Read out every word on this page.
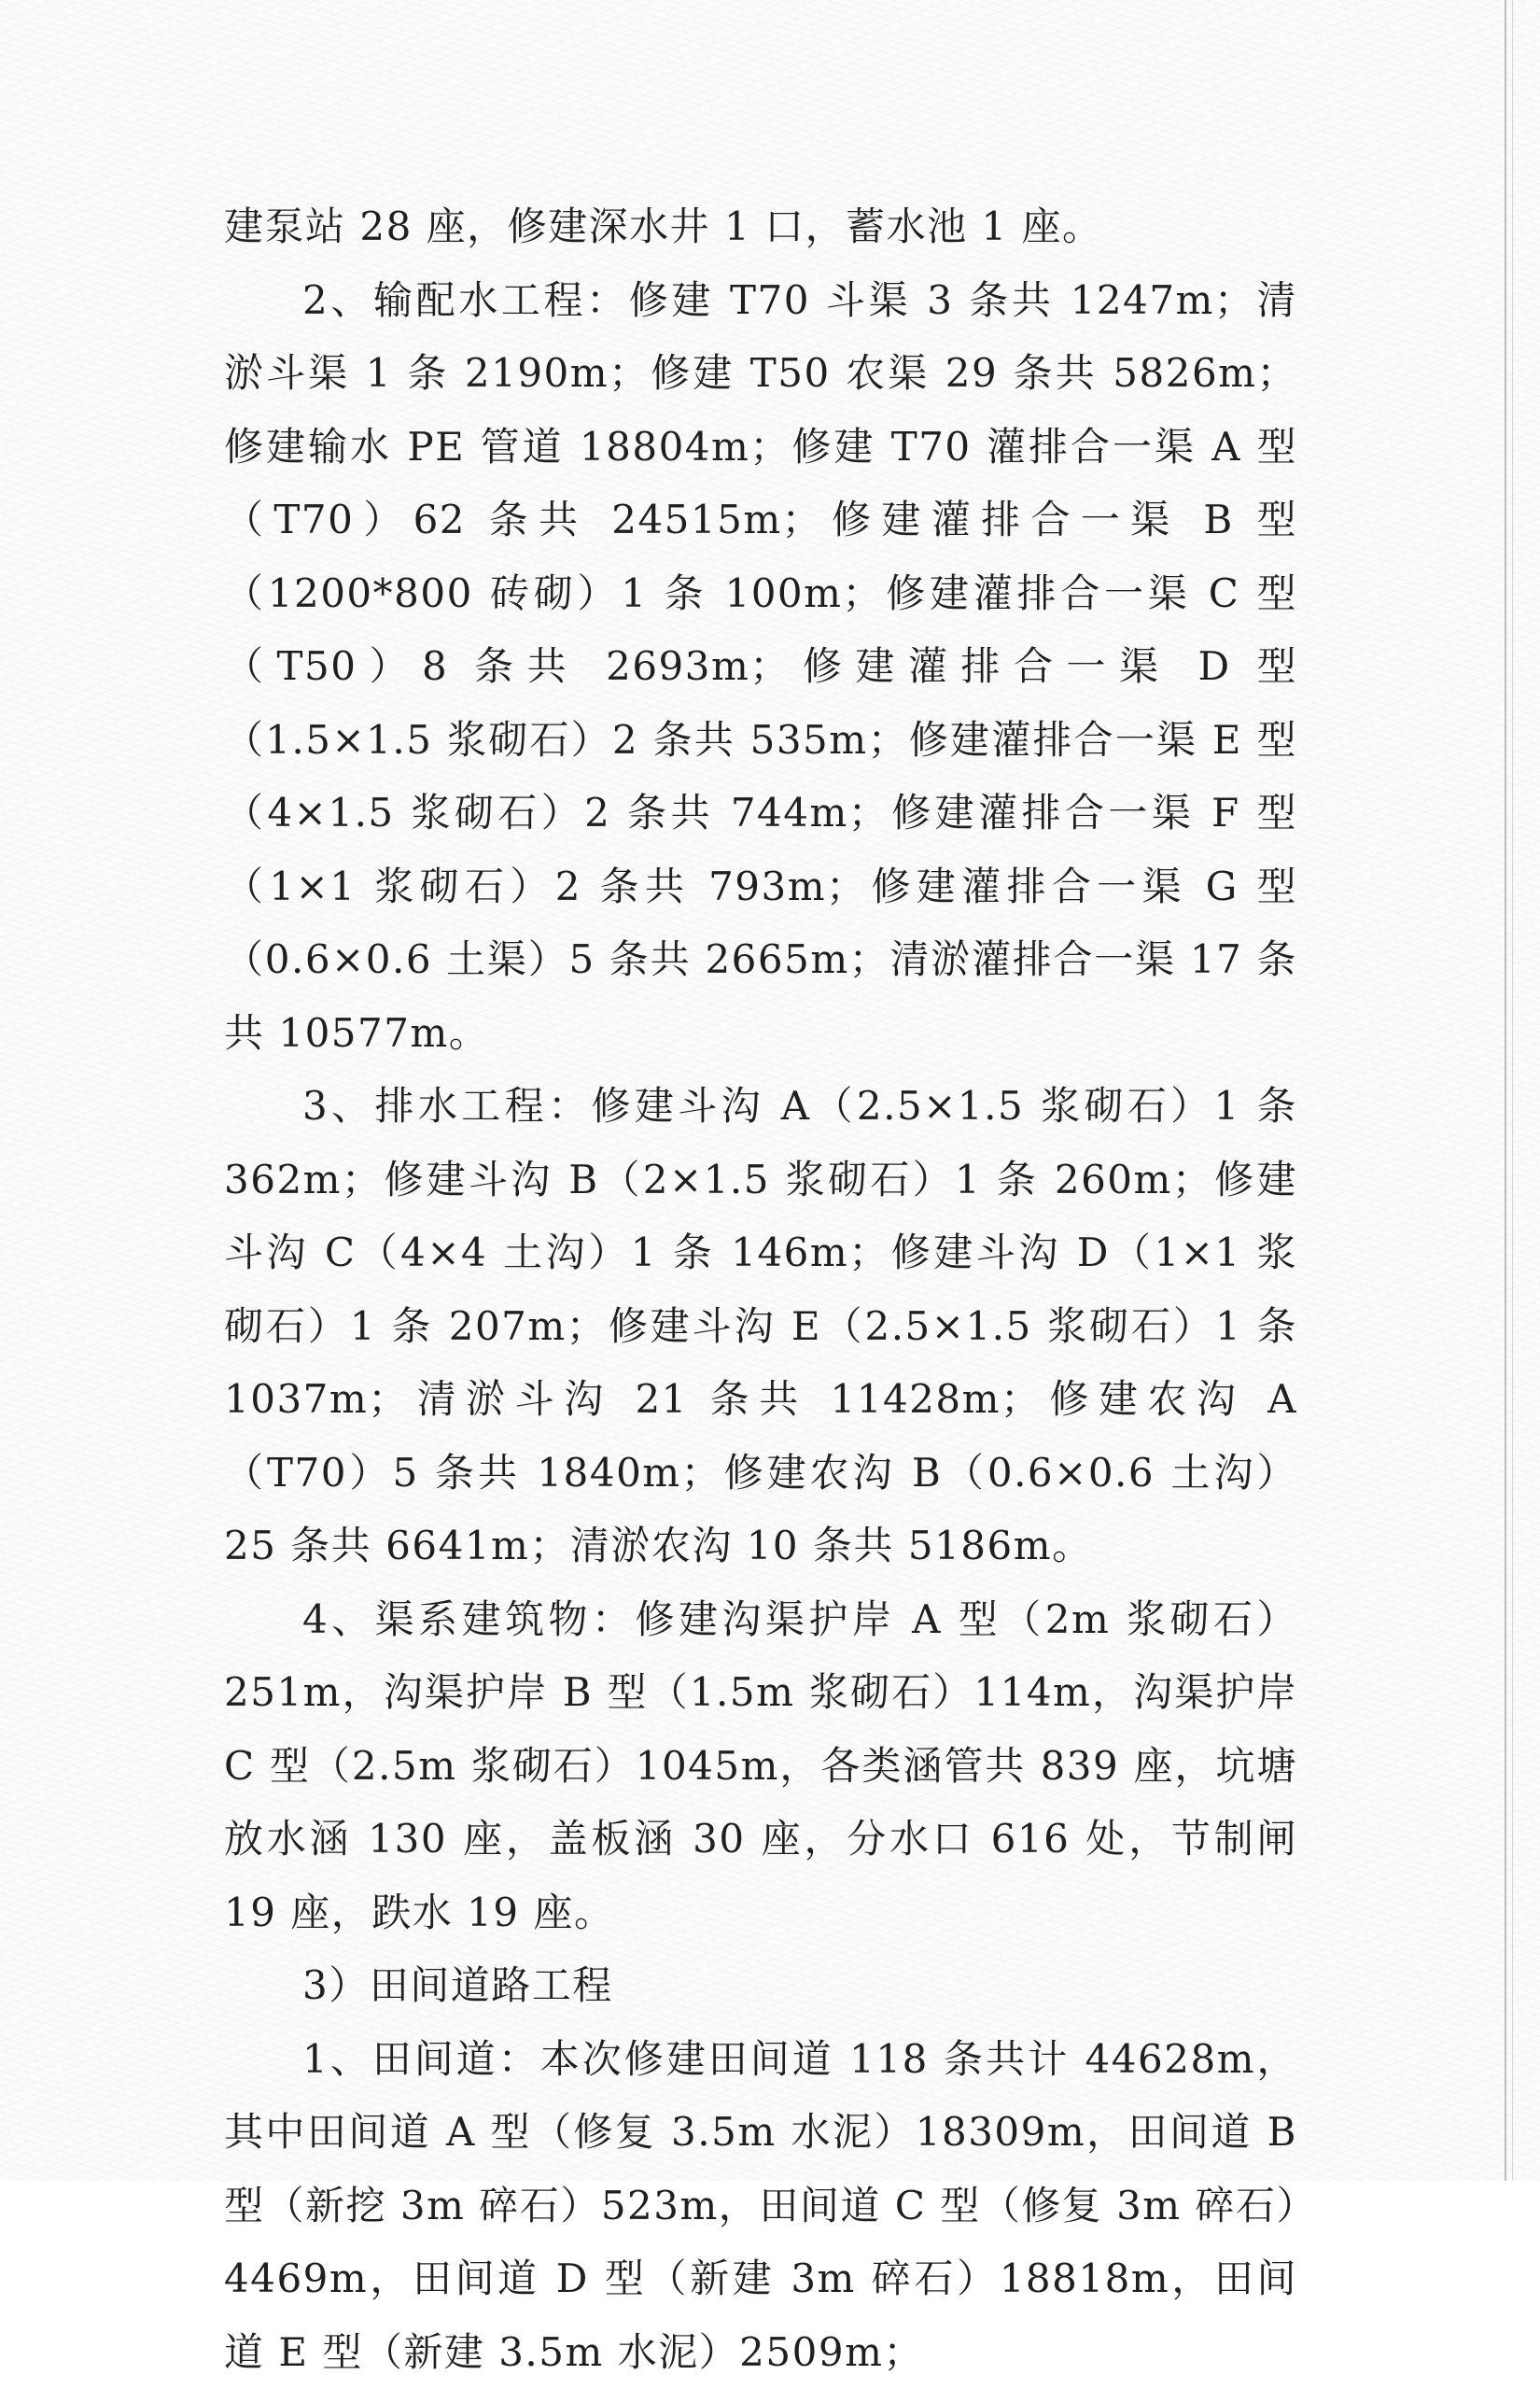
建泵站 28 座，修建深水井 1 口，蓄水池 1 座。

2、输配水工程：修建 T70 斗渠 3 条共 1247m；清淤斗渠 1 条 2190m；修建 T50 农渠 29 条共 5826m；修建输水 PE 管道 18804m；修建 T70 灌排合一渠 A 型（T70）62 条共 24515m；修建灌排合一渠 B 型（1200*800 砖砌）1 条 100m；修建灌排合一渠 C 型（T50）8 条共 2693m；修建灌排合一渠 D 型（1.5×1.5 浆砌石）2 条共 535m；修建灌排合一渠 E 型（4×1.5 浆砌石）2 条共 744m；修建灌排合一渠 F 型（1×1 浆砌石）2 条共 793m；修建灌排合一渠 G 型（0.6×0.6 土渠）5 条共 2665m；清淤灌排合一渠 17 条共 10577m。

3、排水工程：修建斗沟 A（2.5×1.5 浆砌石）1 条 362m；修建斗沟 B（2×1.5 浆砌石）1 条 260m；修建斗沟 C（4×4 土沟）1 条 146m；修建斗沟 D（1×1 浆砌石）1 条 207m；修建斗沟 E（2.5×1.5 浆砌石）1 条 1037m；清淤斗沟 21 条共 11428m；修建农沟 A（T70）5 条共 1840m；修建农沟 B（0.6×0.6 土沟）25 条共 6641m；清淤农沟 10 条共 5186m。

4、渠系建筑物：修建沟渠护岸 A 型（2m 浆砌石）251m，沟渠护岸 B 型（1.5m 浆砌石）114m，沟渠护岸 C 型（2.5m 浆砌石）1045m，各类涵管共 839 座，坑塘放水涵 130 座，盖板涵 30 座，分水口 616 处，节制闸 19 座，跌水 19 座。

3）田间道路工程

1、田间道：本次修建田间道 118 条共计 44628m，其中田间道 A 型（修复 3.5m 水泥）18309m，田间道 B 型（新挖 3m 碎石）523m，田间道 C 型（修复 3m 碎石）4469m，田间道 D 型（新建 3m 碎石）18818m，田间道 E 型（新建 3.5m 水泥）2509m；
